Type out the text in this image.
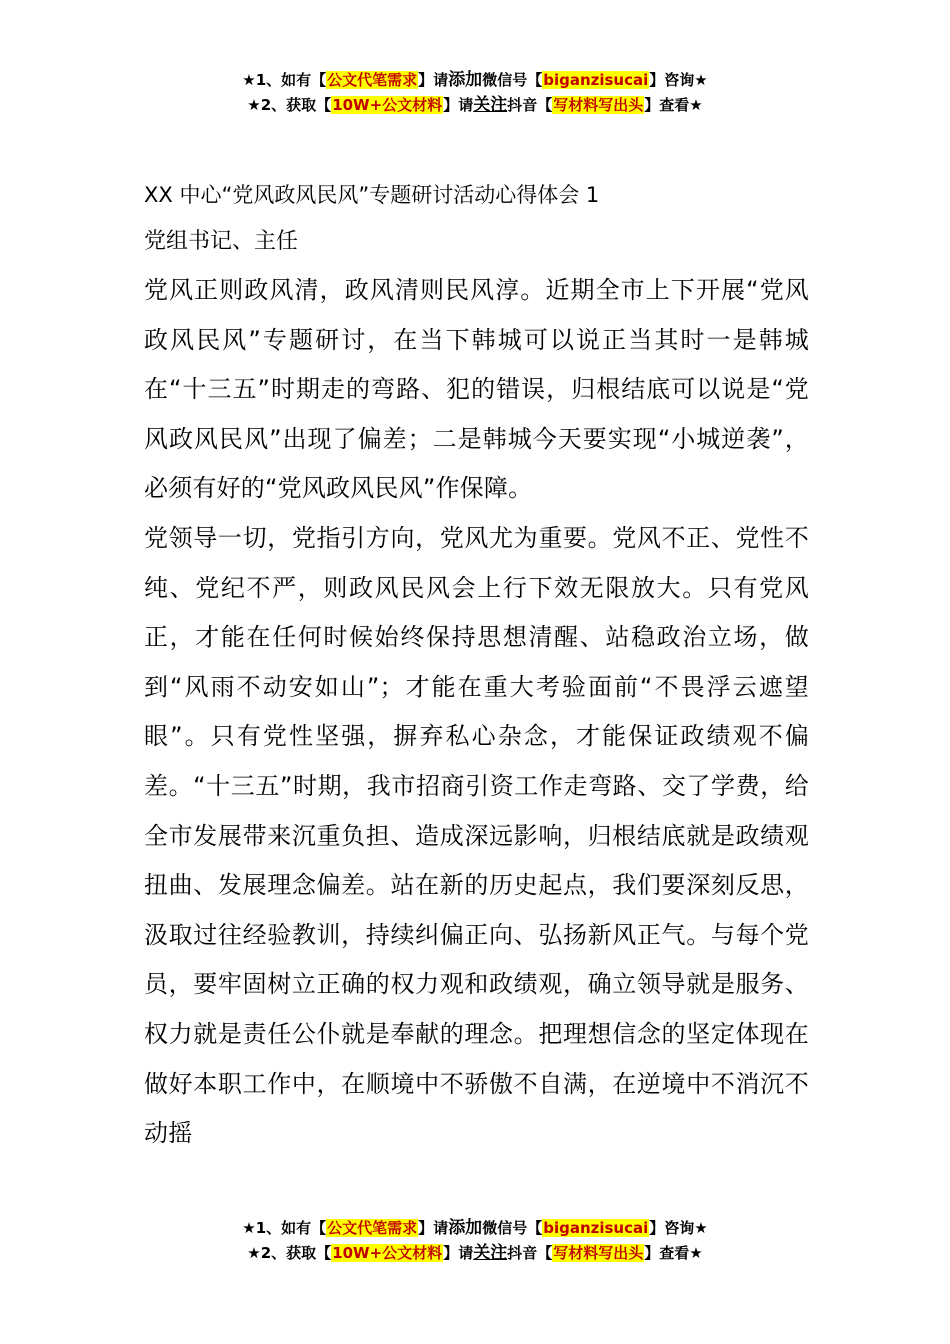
★1、如有【公文代笔需求】请添加微信号【biganzisucai】咨询★
★2、获取【10W+公文材料】请关注抖音【写材料写出头】查看★
XX 中心“党风政风民风”专题研讨活动心得体会 1
党组书记、主任
党风正则政风清，政风清则民风淳。近期全市上下开展“党风政风民风”专题研讨，在当下韩城可以说正当其时一是韩城在“十三五”时期走的弯路、犯的错误，归根结底可以说是“党风政风民风”出现了偏差；二是韩城今天要实现“小城逆袭”，必须有好的“党风政风民风”作保障。
党领导一切，党指引方向，党风尤为重要。党风不正、党性不纯、党纪不严，则政风民风会上行下效无限放大。只有党风正，才能在任何时候始终保持思想清醒、站稳政治立场，做到“风雨不动安如山”；才能在重大考验面前“不畏浮云遮望眼”。只有党性坚强，摒弃私心杂念，才能保证政绩观不偏差。“十三五”时期，我市招商引资工作走弯路、交了学费，给全市发展带来沉重负担、造成深远影响，归根结底就是政绩观扭曲、发展理念偏差。站在新的历史起点，我们要深刻反思，汲取过往经验教训，持续纠偏正向、弘扬新风正气。与每个党员，要牢固树立正确的权力观和政绩观，确立领导就是服务、权力就是责任公仆就是奉献的理念。把理想信念的坚定体现在做好本职工作中，在顺境中不骄傲不自满，在逆境中不消沉不动摇
★1、如有【公文代笔需求】请添加微信号【biganzisucai】咨询★
★2、获取【10W+公文材料】请关注抖音【写材料写出头】查看★
